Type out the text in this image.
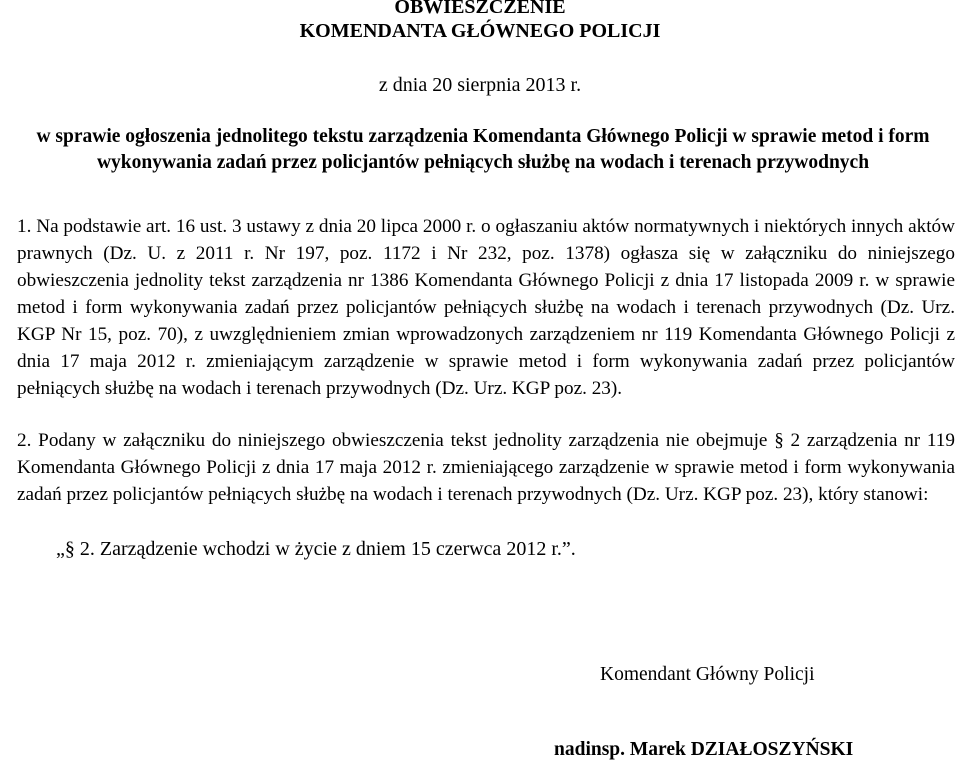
OBWIESZCZENIE
KOMENDANTA GŁÓWNEGO POLICJI
z dnia 20 sierpnia 2013 r.
w sprawie ogłoszenia jednolitego tekstu zarządzenia Komendanta Głównego Policji w sprawie metod i form wykonywania zadań przez policjantów pełniących służbę na wodach i terenach przywodnych
1. Na podstawie art. 16 ust. 3 ustawy z dnia 20 lipca 2000 r. o ogłaszaniu aktów normatywnych i niektórych innych aktów prawnych (Dz. U. z 2011 r. Nr 197, poz. 1172 i Nr 232, poz. 1378) ogłasza się w załączniku do niniejszego obwieszczenia jednolity tekst zarządzenia nr 1386 Komendanta Głównego Policji z dnia 17 listopada 2009 r. w sprawie metod i form wykonywania zadań przez policjantów pełniących służbę na wodach i terenach przywodnych (Dz. Urz. KGP Nr 15, poz. 70), z uwzględnieniem zmian wprowadzonych zarządzeniem nr 119 Komendanta Głównego Policji z dnia 17 maja 2012 r. zmieniającym zarządzenie w sprawie metod i form wykonywania zadań przez policjantów pełniących służbę na wodach i terenach przywodnych (Dz. Urz. KGP poz. 23).
2. Podany w załączniku do niniejszego obwieszczenia tekst jednolity zarządzenia nie obejmuje § 2 zarządzenia nr 119 Komendanta Głównego Policji z dnia 17 maja 2012 r. zmieniającego zarządzenie w sprawie metod i form wykonywania zadań przez policjantów pełniących służbę na wodach i terenach przywodnych (Dz. Urz. KGP poz. 23), który stanowi:
„§ 2. Zarządzenie wchodzi w życie z dniem 15 czerwca 2012 r.”.
Komendant Główny Policji
nadinsp. Marek DZIAŁOSZYŃSKI
